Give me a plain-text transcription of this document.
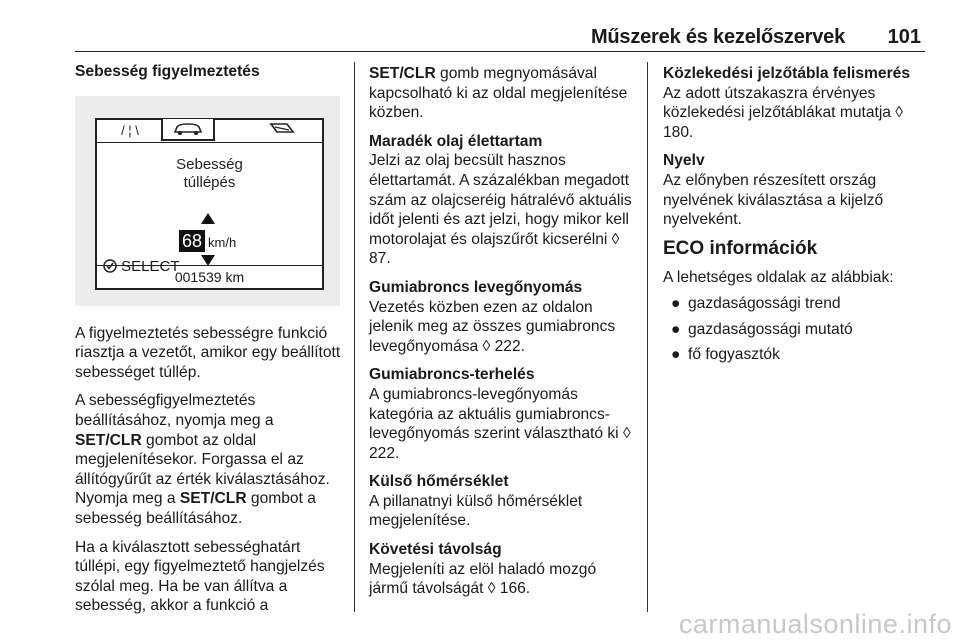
Műszerek és kezelőszervek 101
Sebesség figyelmeztetés
/ ¦ \
Sebesség
túllépés
68 km/h
SELECT
001539 km

A figyelmeztetés sebességre funkció riasztja a vezetőt, amikor egy beállított sebességet túllép.

A sebességfigyelmeztetés beállításához, nyomja meg a SET/CLR gombot az oldal megjelenítésekor. Forgassa el az állítógyűrűt az érték kiválasztásához. Nyomja meg a SET/CLR gombot a sebesség beállításához.

Ha a kiválasztott sebességhatárt túllépi, egy figyelmeztető hangjelzés szólal meg. Ha be van állítva a sebesség, akkor a funkció a

SET/CLR gomb megnyomásával kapcsolható ki az oldal megjelenítése közben.

Maradék olaj élettartam
Jelzi az olaj becsült hasznos élettartamát. A százalékban megadott szám az olajcseréig hátralévő aktuális időt jelenti és azt jelzi, hogy mikor kell motorolajat és olajszűrőt kicserélni ◊ 87.

Gumiabroncs levegőnyomás
Vezetés közben ezen az oldalon jelenik meg az összes gumiabroncs levegőnyomása ◊ 222.

Gumiabroncs-terhelés
A gumiabroncs-levegőnyomás kategória az aktuális gumiabroncs-levegőnyomás szerint választható ki ◊ 222.

Külső hőmérséklet
A pillanatnyi külső hőmérséklet megjelenítése.

Követési távolság
Megjeleníti az elöl haladó mozgó jármű távolságát ◊ 166.

Közlekedési jelzőtábla felismerés
Az adott útszakaszra érvényes közlekedési jelzőtáblákat mutatja ◊ 180.

Nyelv
Az előnyben részesített ország nyelvének kiválasztása a kijelző nyelveként.

ECO információk

A lehetséges oldalak az alábbiak:

● gazdaságossági trend
● gazdaságossági mutató
● fő fogyasztók
carmanualsonline.info
